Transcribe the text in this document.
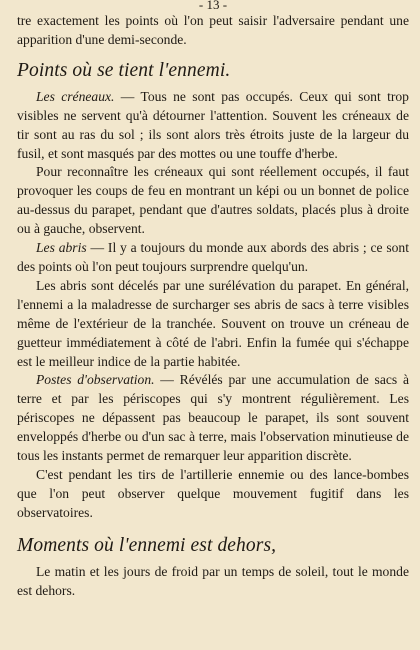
- 13 -

tre exactement les points où l'on peut saisir l'adversaire pendant une apparition d'une demi-seconde.

Points où se tient l'ennemi.

Les créneaux. — Tous ne sont pas occupés. Ceux qui sont trop visibles ne servent qu'à détourner l'attention. Souvent les créneaux de tir sont au ras du sol ; ils sont alors très étroits juste de la largeur du fusil, et sont masqués par des mottes ou une touffe d'herbe.

Pour reconnaître les créneaux qui sont réellement occupés, il faut provoquer les coups de feu en montrant un képi ou un bonnet de police au-dessus du parapet, pendant que d'autres soldats, placés plus à droite ou à gauche, observent.

Les abris — Il y a toujours du monde aux abords des abris ; ce sont des points où l'on peut toujours surprendre quelqu'un.

Les abris sont décelés par une surélévation du parapet. En général, l'ennemi a la maladresse de surcharger ses abris de sacs à terre visibles même de l'extérieur de la tranchée. Souvent on trouve un créneau de guetteur immédiatement à côté de l'abri. Enfin la fumée qui s'échappe est le meilleur indice de la partie habitée.

Postes d'observation. — Révélés par une accumulation de sacs à terre et par les périscopes qui s'y montrent régulièrement. Les périscopes ne dépassent pas beaucoup le parapet, ils sont souvent enveloppés d'herbe ou d'un sac à terre, mais l'observation minutieuse de tous les instants permet de remarquer leur apparition discrète.

C'est pendant les tirs de l'artillerie ennemie ou des lance-bombes que l'on peut observer quelque mouvement fugitif dans les observatoires.

Moments où l'ennemi est dehors,

Le matin et les jours de froid par un temps de soleil, tout le monde est dehors.
